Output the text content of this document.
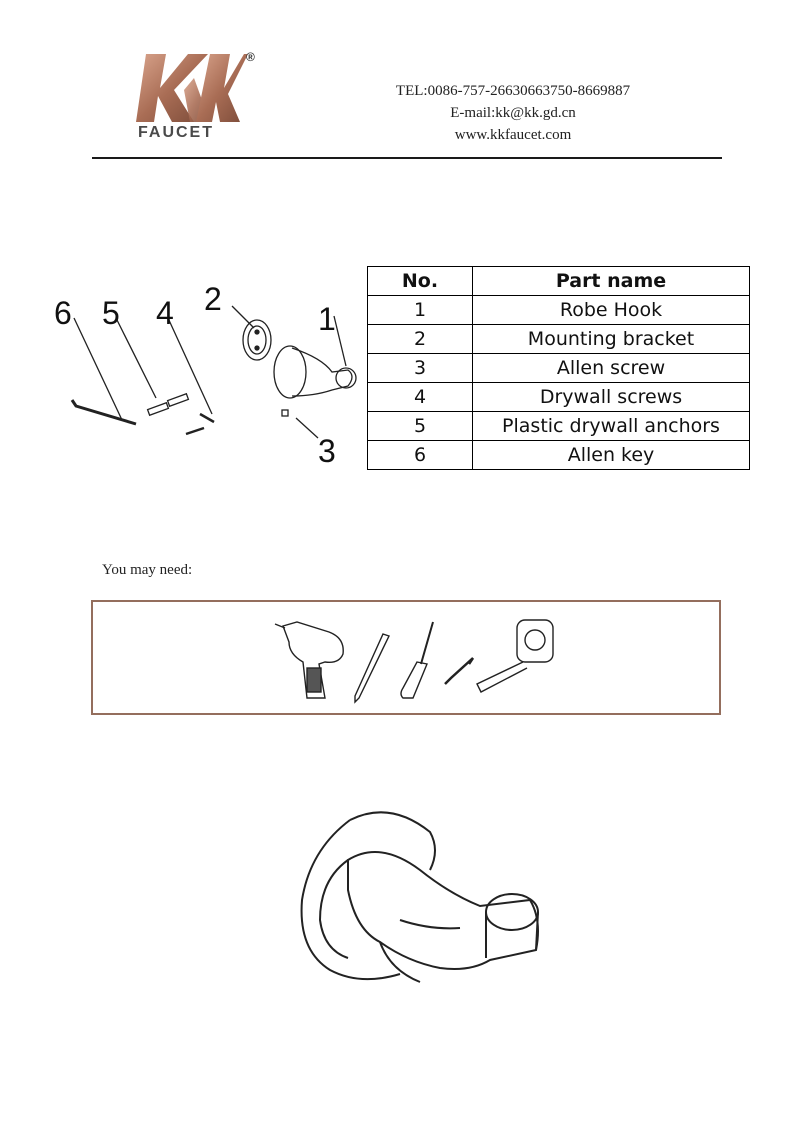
®
FAUCET
TEL:0086-757-26630663750-8669887
E-mail:kk@kk.gd.cn
www.kkfaucet.com
6 5 4 2
1
3
No.	Part name
1	Robe Hook
2	Mounting bracket
3	Allen screw
4	Drywall screws
5	Plastic drywall anchors
6	Allen key
You may need:
